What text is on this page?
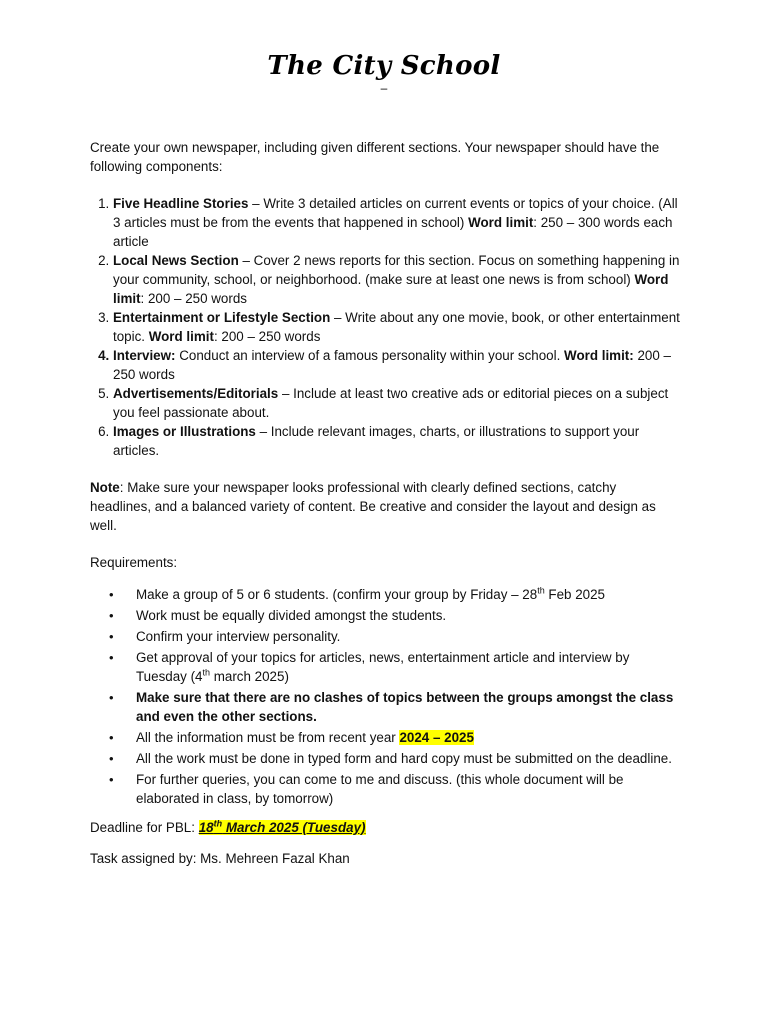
The City School
–

Create your own newspaper, including given different sections. Your newspaper should have the following components:

1. Five Headline Stories – Write 3 detailed articles on current events or topics of your choice. (All 3 articles must be from the events that happened in school) Word limit: 250 – 300 words each article
2. Local News Section – Cover 2 news reports for this section. Focus on something happening in your community, school, or neighborhood. (make sure at least one news is from school) Word limit: 200 – 250 words
3. Entertainment or Lifestyle Section – Write about any one movie, book, or other entertainment topic. Word limit: 200 – 250 words
4. Interview: Conduct an interview of a famous personality within your school. Word limit: 200 – 250 words
5. Advertisements/Editorials – Include at least two creative ads or editorial pieces on a subject you feel passionate about.
6. Images or Illustrations – Include relevant images, charts, or illustrations to support your articles.

Note: Make sure your newspaper looks professional with clearly defined sections, catchy headlines, and a balanced variety of content. Be creative and consider the layout and design as well.

Requirements:

• Make a group of 5 or 6 students. (confirm your group by Friday – 28th Feb 2025
• Work must be equally divided amongst the students.
• Confirm your interview personality.
• Get approval of your topics for articles, news, entertainment article and interview by Tuesday (4th march 2025)
• Make sure that there are no clashes of topics between the groups amongst the class and even the other sections.
• All the information must be from recent year 2024 – 2025
• All the work must be done in typed form and hard copy must be submitted on the deadline.
• For further queries, you can come to me and discuss. (this whole document will be elaborated in class, by tomorrow)

Deadline for PBL: 18th March 2025 (Tuesday)

Task assigned by: Ms. Mehreen Fazal Khan
